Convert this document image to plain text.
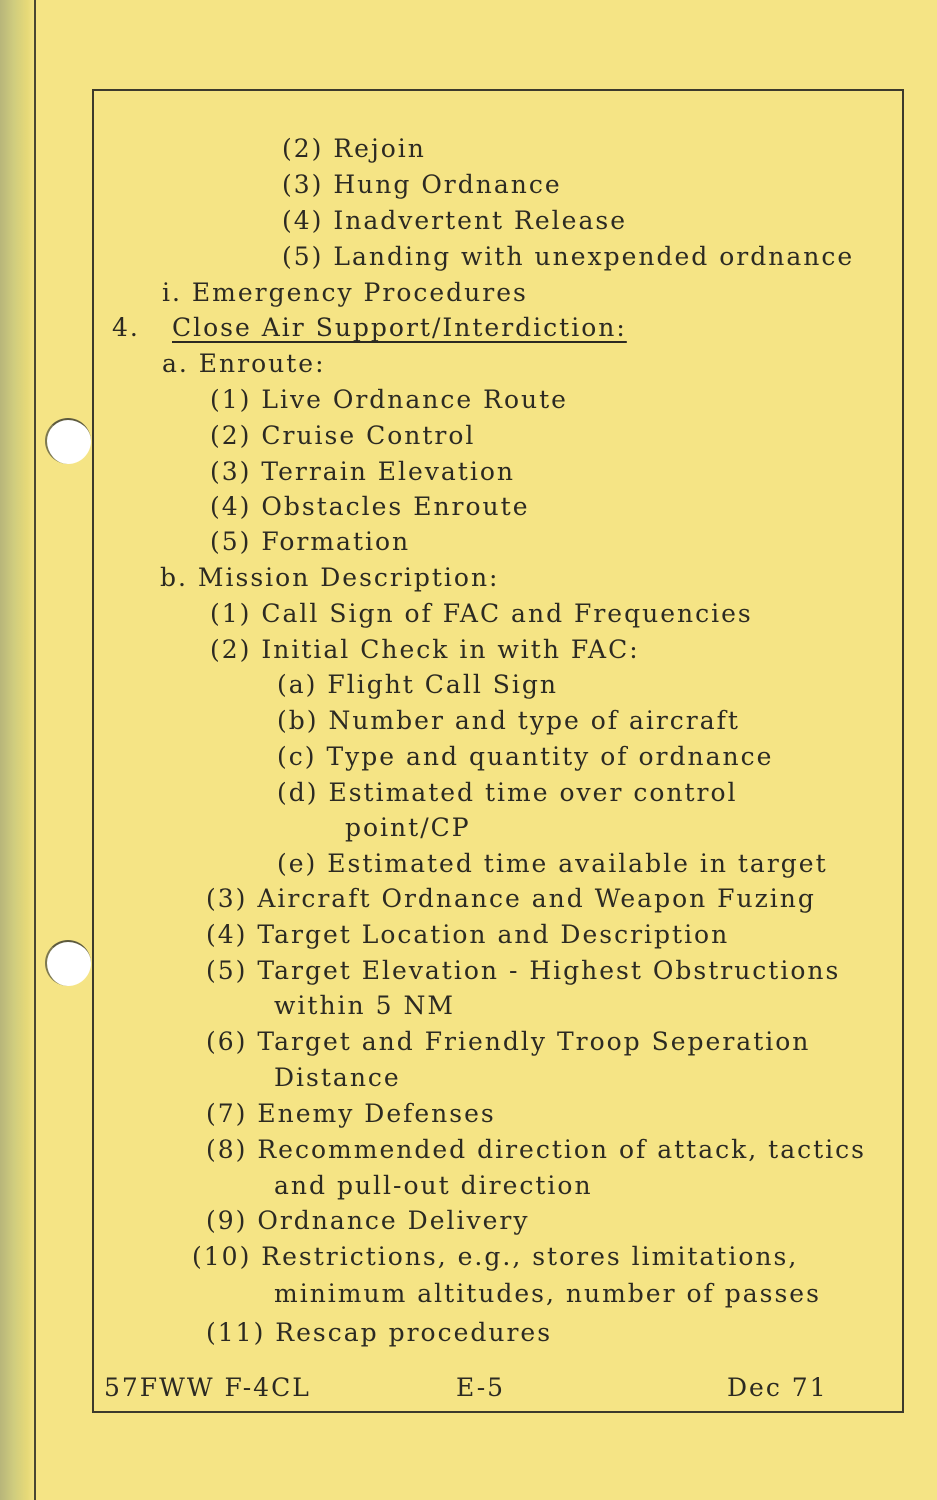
(2) Rejoin
(3) Hung Ordnance
(4) Inadvertent Release
(5) Landing with unexpended ordnance
i. Emergency Procedures
4. Close Air Support/Interdiction:
a. Enroute:
(1) Live Ordnance Route
(2) Cruise Control
(3) Terrain Elevation
(4) Obstacles Enroute
(5) Formation
b. Mission Description:
(1) Call Sign of FAC and Frequencies
(2) Initial Check in with FAC:
(a) Flight Call Sign
(b) Number and type of aircraft
(c) Type and quantity of ordnance
(d) Estimated time over control
point/CP
(e) Estimated time available in target
(3) Aircraft Ordnance and Weapon Fuzing
(4) Target Location and Description
(5) Target Elevation - Highest Obstructions
within 5 NM
(6) Target and Friendly Troop Seperation
Distance
(7) Enemy Defenses
(8) Recommended direction of attack, tactics
and pull-out direction
(9) Ordnance Delivery
(10) Restrictions, e.g., stores limitations,
minimum altitudes, number of passes
(11) Rescap procedures
57FWW F-4CL	E-5	Dec 71
